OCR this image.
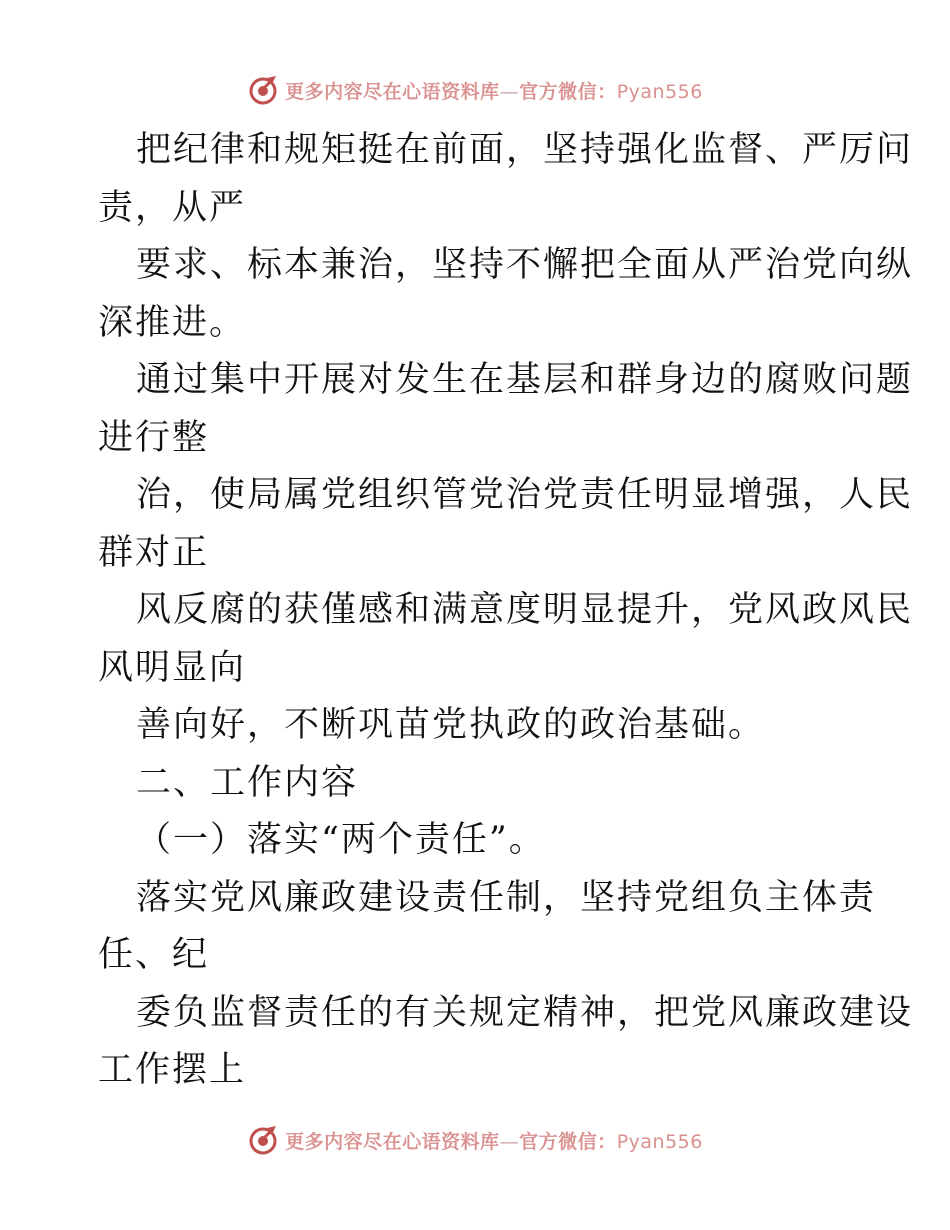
更多内容尽在心语资料库—官方微信：Pyan556
把纪律和规矩挺在前面，坚持强化监督、严厉问
责，从严
要求、标本兼治，坚持不懈把全面从严治党向纵
深推进。
通过集中开展对发生在基层和群身边的腐败问题
进行整
治，使局属党组织管党治党责任明显增强，人民
群对正
风反腐的获僅感和满意度明显提升，党风政风民
风明显向
善向好，不断巩苗党执政的政治基础。
二、工作内容
（一）落实“两个责任”。
落实党风廉政建设责任制，坚持党组负主体责
任、纪
委负监督责任的有关规定精神，把党风廉政建设
工作摆上
更多内容尽在心语资料库—官方微信：Pyan556
